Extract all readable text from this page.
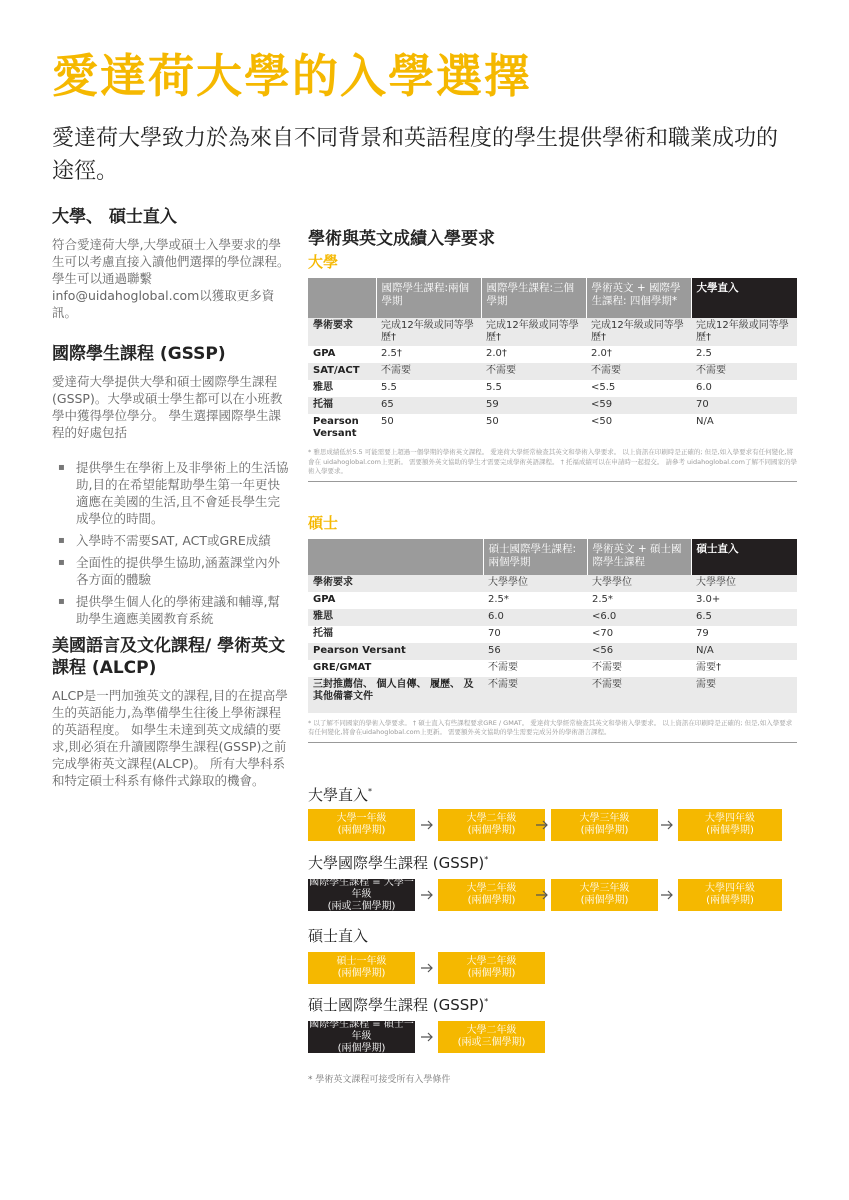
愛達荷大學的入學選擇
愛達荷大學致力於為來自不同背景和英語程度的學生提供學術和職業成功的途徑。
大學、 碩士直入

符合愛達荷大學,大學或碩士入學要求的學生可以考慮直接入讀他們選擇的學位課程。學生可以通過聯繫info@uidahoglobal.com以獲取更多資訊。

國際學生課程 (GSSP)

愛達荷大學提供大學和碩士國際學生課程 (GSSP)。大學或碩士學生都可以在小班教學中獲得學位學分。 學生選擇國際學生課程的好處包括

▪ 提供學生在學術上及非學術上的生活協助,目的在希望能幫助學生第一年更快適應在美國的生活,且不會延長學生完成學位的時間。
▪ 入學時不需要SAT, ACT或GRE成績
▪ 全面性的提供學生協助,涵蓋課堂內外各方面的體驗
▪ 提供學生個人化的學術建議和輔導,幫助學生適應美國教育系統
美國語言及文化課程/ 學術英文課程 (ALCP)

ALCP是一門加強英文的課程,目的在提高學生的英語能力,為準備學生往後上學術課程的英語程度。 如學生未達到英文成績的要求,則必須在升讀國際學生課程(GSSP)之前完成學術英文課程(ALCP)。 所有大學科系和特定碩士科系有條件式錄取的機會。

學術與英文成績入學要求
大學
	國際學生課程:兩個學期	國際學生課程:三個學期	學術英文 + 國際學生課程: 四個學期*	大學直入
學術要求	完成12年級或同等學歷†	完成12年級或同等學歷†	完成12年級或同等學歷†	完成12年級或同等學歷†
GPA	2.5†	2.0†	2.0†	2.5
SAT/ACT	不需要	不需要	不需要	不需要
雅思	5.5	5.5	<5.5	6.0
托福	65	59	<59	70
Pearson Versant	50	50	<50	N/A
* 雅思成績低於5.5 可能需要上超過一個學期的學術英文課程。 愛達荷大學經常檢查其英文和學術入學要求。 以上資訊在印刷時是正確的; 但是,如入學要求有任何變化,將會在 uidahoglobal.com上更新。 需要額外英文協助的學生才需要完成學術英語課程。 † 托福成績可以在申請時一起提交。 請參考 uidahoglobal.com了解不同國家的學術入學要求。
碩士
	碩士國際學生課程: 兩個學期	學術英文 + 碩士國際學生課程	碩士直入
學術要求	大學學位	大學學位	大學學位
GPA	2.5*	2.5*	3.0+
雅思	6.0	<6.0	6.5
托福	70	<70	79
Pearson Versant	56	<56	N/A
GRE/GMAT	不需要	不需要	需要†
三封推薦信、 個人自傳、 履歷、 及其他備審文件	不需要	不需要	需要
* 以了解不同國家的學術入學要求。 † 碩士直入有些課程要求GRE / GMAT。 愛達荷大學經常檢查其英文和學術入學要求。 以上資訊在印刷時是正確的; 但是,如入學要求有任何變化,將會在uidahoglobal.com上更新。 需要額外英文協助的學生需要完成另外的學術語言課程。
大學直入*
大學一年級
(兩個學期)
大學二年級
(兩個學期)
大學三年級
(兩個學期)
大學四年級
(兩個學期)
大學國際學生課程 (GSSP)*
國際學生課程 = 大學一年級
(兩或三個學期)
大學二年級
(兩個學期)
大學三年級
(兩個學期)
大學四年級
(兩個學期)
碩士直入
碩士一年級
(兩個學期)
大學二年級
(兩個學期)
碩士國際學生課程 (GSSP)*
國際學生課程 = 碩士一年級
(兩個學期)
大學二年級
(兩或三個學期)
* 學術英文課程可接受所有入學條件
